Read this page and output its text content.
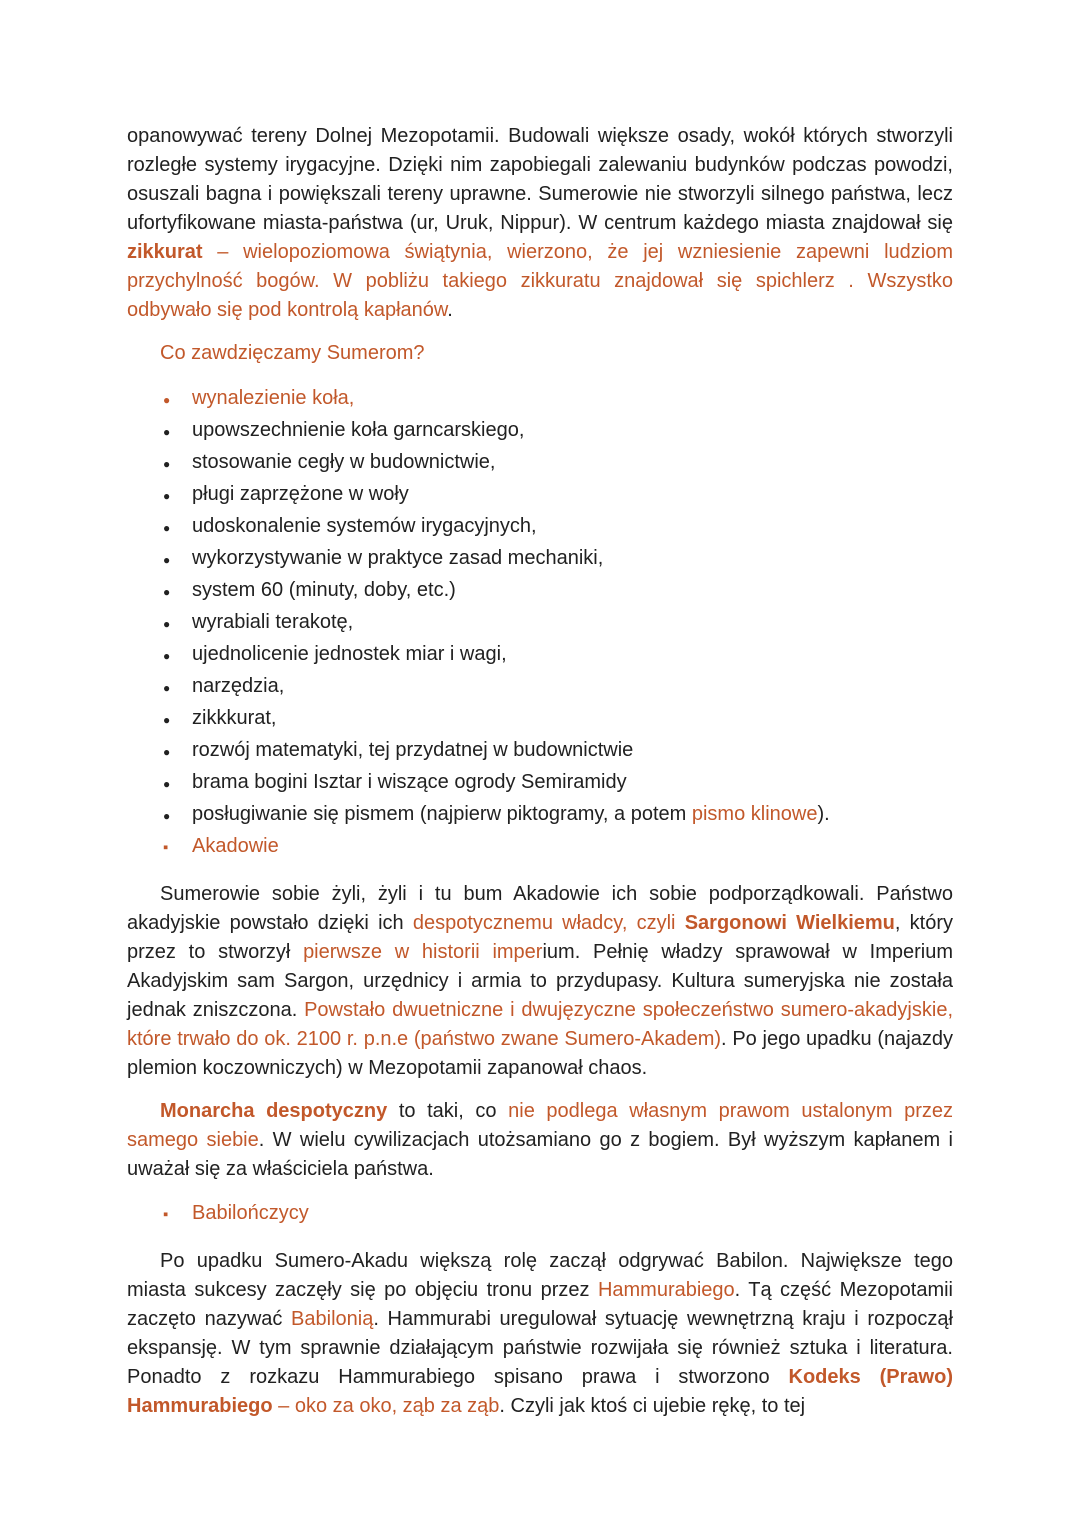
opanowywać tereny Dolnej Mezopotamii. Budowali większe osady, wokół których stworzyli rozległe systemy irygacyjne. Dzięki nim zapobiegali zalewaniu budynków podczas powodzi, osuszali bagna i powiększali tereny uprawne. Sumerowie nie stworzyli silnego państwa, lecz ufortyfikowane miasta-państwa (ur, Uruk, Nippur). W centrum każdego miasta znajdował się zikkurat – wielopoziomowa świątynia, wierzono, że jej wzniesienie zapewni ludziom przychylność bogów. W pobliżu takiego zikkuratu znajdował się spichlerz . Wszystko odbywało się pod kontrolą kapłanów.

Co zawdzięczamy Sumerom?

●	wynalezienie koła,
●	upowszechnienie koła garncarskiego,
●	stosowanie cegły w budownictwie,
●	pługi zaprzężone w woły
●	udoskonalenie systemów irygacyjnych,
●	wykorzystywanie w praktyce zasad mechaniki,
●	system 60 (minuty, doby, etc.)
●	wyrabiali terakotę,
●	ujednolicenie jednostek miar i wagi,
●	narzędzia,
●	zikkkurat,
●	rozwój matematyki, tej przydatnej w budownictwie
●	brama bogini Isztar i wiszące ogrody Semiramidy
●	posługiwanie się pismem (najpierw piktogramy, a potem pismo klinowe).
▪	Akadowie

Sumerowie sobie żyli, żyli i tu bum Akadowie ich sobie podporządkowali. Państwo akadyjskie powstało dzięki ich despotycznemu władcy, czyli Sargonowi Wielkiemu, który przez to stworzył pierwsze w historii imperium. Pełnię władzy sprawował w Imperium Akadyjskim sam Sargon, urzędnicy i armia to przydupasy. Kultura sumeryjska nie została jednak zniszczona. Powstało dwuetniczne i dwujęzyczne społeczeństwo sumero-akadyjskie, które trwało do ok. 2100 r. p.n.e (państwo zwane Sumero-Akadem). Po jego upadku (najazdy plemion koczowniczych) w Mezopotamii zapanował chaos.

Monarcha despotyczny to taki, co nie podlega własnym prawom ustalonym przez samego siebie. W wielu cywilizacjach utożsamiano go z bogiem. Był wyższym kapłanem i uważał się za właściciela państwa.

▪	Babilończycy

Po upadku Sumero-Akadu większą rolę zaczął odgrywać Babilon. Największe tego miasta sukcesy zaczęły się po objęciu tronu przez Hammurabiego. Tą część Mezopotamii zaczęto nazywać Babilonią. Hammurabi uregulował sytuację wewnętrzną kraju i rozpoczął ekspansję. W tym sprawnie działającym państwie rozwijała się również sztuka i literatura. Ponadto z rozkazu Hammurabiego spisano prawa i stworzono Kodeks (Prawo) Hammurabiego – oko za oko, ząb za ząb. Czyli jak ktoś ci ujebie rękę, to tej
